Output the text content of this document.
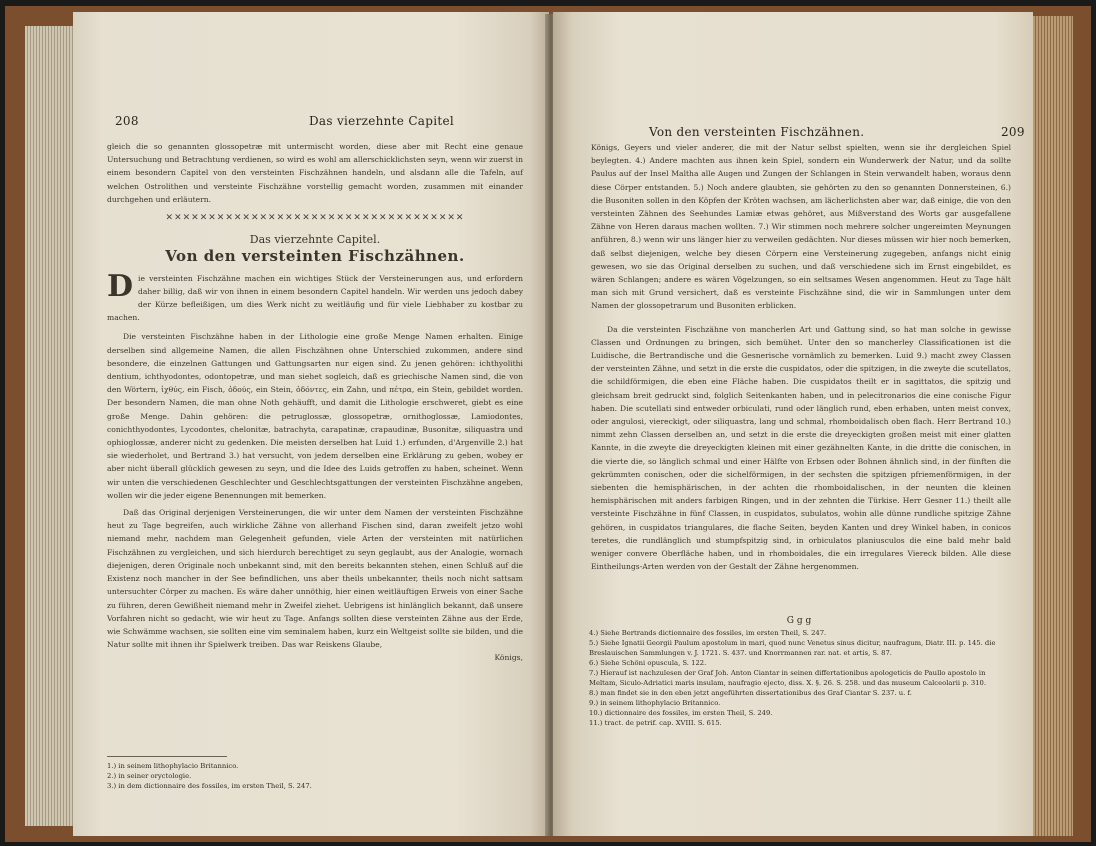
208	Das vierzehnte Capitel

gleich die so genannten glossopetræ mit untermischt worden, diese aber mit Recht eine genaue Untersuchung und Betrachtung verdienen, so wird es wohl am allerschicklichsten seyn, wenn wir zuerst in einem besondern Capitel von den versteinten Fischzähnen handeln, und alsdann alle die Tafeln, auf welchen Ostrolithen und versteinte Fischzähne vorstellig gemacht worden, zusammen mit einander durchgehen und erläutern.

✕✕✕✕✕✕✕✕✕✕✕✕✕✕✕✕✕✕✕✕✕✕✕✕✕✕✕✕✕✕✕✕✕✕✕
Das vierzehnte Capitel.
Von den versteinten Fischzähnen.

Die versteinten Fischzähne machen ein wichtiges Stück der Versteinerungen aus, und erfordern daher billig, daß wir von ihnen in einem besondern Capitel handeln. Wir werden uns jedoch dabey der Kürze befleißigen, um dies Werk nicht zu weitläufig und für viele Liebhaber zu kostbar zu machen.

Die versteinten Fischzähne haben in der Lithologie eine große Menge Namen erhalten. Einige derselben sind allgemeine Namen, die allen Fischzähnen ohne Unterschied zukommen, andere sind besondere, die einzelnen Gattungen und Gattungsarten nur eigen sind. Zu jenen gehören: ichthyolithi dentium, ichthyodontes, odontopetræ, und man siehet sogleich, daß es griechische Namen sind, die von den Wörtern, ἰχθύς, ein Fisch, ὀδούς, ein Stein, ὀδόντες, ein Zahn, und πέτρα, ein Stein, gebildet worden. Der besondern Namen, die man ohne Noth gehäufft, und damit die Lithologie erschweret, giebt es eine große Menge. Dahin gehören: die petruglossæ, glossopetræ, ornithoglossæ, Lamiodontes, conichthyodontes, Lycodontes, chelonitæ, batrachyta, carapatinæ, crapaudinæ, Busonitæ, siliquastra und ophioglossæ, anderer nicht zu gedenken. Die meisten derselben hat Luid 1.) erfunden, d'Argenville 2.) hat sie wiederholet, und Bertrand 3.) hat versucht, von jedem derselben eine Erklärung zu geben, wobey er aber nicht überall glücklich gewesen zu seyn, und die Idee des Luids getroffen zu haben, scheinet. Wenn wir unten die verschiedenen Geschlechter und Geschlechtsgattungen der versteinten Fischzähne angeben, wollen wir die jeder eigene Benennungen mit bemerken.

Daß das Original derjenigen Versteinerungen, die wir unter dem Namen der versteinten Fischzähne heut zu Tage begreifen, auch wirkliche Zähne von allerhand Fischen sind, daran zweifelt jetzo wohl niemand mehr, nachdem man Gelegenheit gefunden, viele Arten der versteinten mit natürlichen Fischzähnen zu vergleichen, und sich hierdurch berechtiget zu seyn geglaubt, aus der Analogie, wornach diejenigen, deren Originale noch unbekannt sind, mit den bereits bekannten stehen, einen Schluß auf die Existenz noch mancher in der See befindlichen, uns aber theils unbekannter, theils noch nicht sattsam untersuchter Cörper zu machen. Es wäre daher unnöthig, hier einen weitläuftigen Erweis von einer Sache zu führen, deren Gewißheit niemand mehr in Zweifel ziehet. Uebrigens ist hinlänglich bekannt, daß unsere Vorfahren nicht so gedacht, wie wir heut zu Tage. Anfangs sollten diese versteinten Zähne aus der Erde, wie Schwämme wachsen, sie sollten eine vim seminalem haben, kurz ein Weltgeist sollte sie bilden, und die Natur sollte mit ihnen ihr Spielwerk treiben. Das war Reiskens Glaube,

Königs,

1.) in seinem lithophylacio Britannico.
2.) in seiner oryctologie.
3.) in dem dictionnaire des fossiles, im ersten Theil, S. 247.
Von den versteinten Fischzähnen.	209

Königs, Geyers und vieler anderer, die mit der Natur selbst spielten, wenn sie ihr dergleichen Spiel beylegten. 4.) Andere machten aus ihnen kein Spiel, sondern ein Wunderwerk der Natur, und da sollte Paulus auf der Insel Maltha alle Augen und Zungen der Schlangen in Stein verwandelt haben, woraus denn diese Cörper entstanden. 5.) Noch andere glaubten, sie gehörten zu den so genannten Donnersteinen, 6.) die Busoniten sollen in den Köpfen der Kröten wachsen, am lächerlichsten aber war, daß einige, die von den versteinten Zähnen des Seehundes Lamiæ etwas gehöret, aus Mißverstand des Worts gar ausgefallene Zähne von Heren daraus machen wollten. 7.) Wir stimmen noch mehrere solcher ungereimten Meynungen anführen, 8.) wenn wir uns länger hier zu verweilen gedächten. Nur dieses müssen wir hier noch bemerken, daß selbst diejenigen, welche bey diesen Cörpern eine Versteinerung zugegeben, anfangs nicht einig gewesen, wo sie das Original derselben zu suchen, und daß verschiedene sich im Ernst eingebildet, es wären Schlangen; andere es wären Vögelzungen, so ein seltsames Wesen angenommen. Heut zu Tage hält man sich mit Grund versichert, daß es versteinte Fischzähne sind, die wir in Sammlungen unter dem Namen der glossopetrarum und Busoniten erblicken.

Da die versteinten Fischzähne von mancherlen Art und Gattung sind, so hat man solche in gewisse Classen und Ordnungen zu bringen, sich bemühet. Unter den so mancherley Classificationen ist die Luidische, die Bertrandische und die Gesnerische vornämlich zu bemerken. Luid 9.) macht zwey Classen der versteinten Zähne, und setzt in die erste die cuspidatos, oder die spitzigen, in die zweyte die scutellatos, die schildförmigen, die eben eine Fläche haben. Die cuspidatos theilt er in sagittatos, die spitzig und gleichsam breit gedruckt sind, folglich Seitenkanten haben, und in pelecitronarios die eine conische Figur haben. Die scutellati sind entweder orbiculati, rund oder länglich rund, eben erhaben, unten meist convex, oder angulosi, viereckigt, oder siliquastra, lang und schmal, rhomboidalisch oben flach. Herr Bertrand 10.) nimmt zehn Classen derselben an, und setzt in die erste die dreyeckigten großen meist mit einer glatten Kannte, in die zweyte die dreyeckigten kleinen mit einer gezähnelten Kante, in die dritte die conischen, in die vierte die, so länglich schmal und einer Hälfte von Erbsen oder Bohnen ähnlich sind, in der fünften die gekrümmten conischen, oder die sichelförmigen, in der sechsten die spitzigen pfriemenförmigen, in der siebenten die hemisphärischen, in der achten die rhomboidalischen, in der neunten die kleinen hemisphärischen mit anders farbigen Ringen, und in der zehnten die Türkise. Herr Gesner 11.) theilt alle versteinte Fischzähne in fünf Classen, in cuspidatos, subulatos, wohin alle dünne rundliche spitzige Zähne gehören, in cuspidatos triangulares, die flache Seiten, beyden Kanten und drey Winkel haben, in conicos teretes, die rundlänglich und stumpfspitzig sind, in orbiculatos planiusculos die eine bald mehr bald weniger convere Oberfläche haben, und in rhomboidales, die ein irregulares Viereck bilden. Alle diese Eintheilungs-Arten werden von der Gestalt der Zähne hergenommen.

G g g
4.) Siehe Bertrands dictionnaire des fossiles, im ersten Theil, S. 247.
5.) Siehe Ignatii Georgii Paulum apostolum in mari, quod nunc Venetus sinus dicitur, naufragum, Diatr. III. p. 145. die Breslauischen Sammlungen v. J. 1721. S. 437. und Knorrmannen rar. nat. et artis, S. 87.
6.) Siehe Schöni opuscula, S. 122.
7.) Hierauf ist nachzulesen der Graf Joh. Anton Ciantar in seinen differtationibus apologeticis de Paullo apostolo in Meltam, Siculo-Adriatici maris insulam, naufragio ejecto, diss. X. §. 26. S. 258. und das museum Calceolarii p. 310.
8.) man findet sie in den eben jetzt angeführten dissertationibus des Graf Ciantar S. 237. u. f.
9.) in seinem lithophylacio Britannico.
10.) dictionnaire des fossiles, im ersten Theil, S. 249.
11.) tract. de petrif. cap. XVIII. S. 615.
